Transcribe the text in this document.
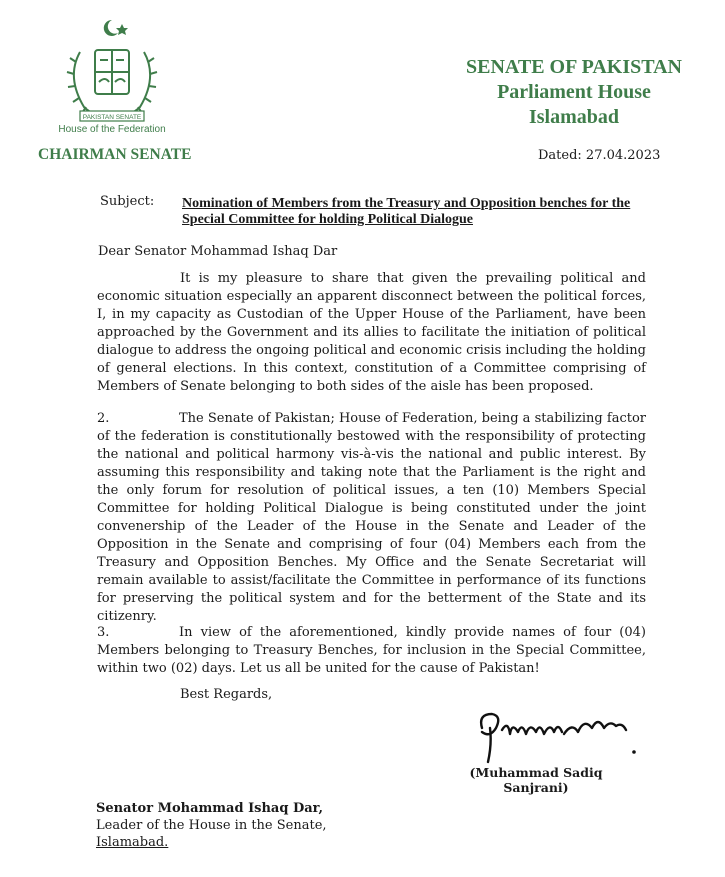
PAKISTAN SENATE
House of the Federation
CHAIRMAN SENATE
SENATE OF PAKISTAN
Parliament House
Islamabad
Dated: 27.04.2023
Subject: Nomination of Members from the Treasury and Opposition benches for the Special Committee for holding Political Dialogue
Dear Senator Mohammad Ishaq Dar

It is my pleasure to share that given the prevailing political and economic situation especially an apparent disconnect between the political forces, I, in my capacity as Custodian of the Upper House of the Parliament, have been approached by the Government and its allies to facilitate the initiation of political dialogue to address the ongoing political and economic crisis including the holding of general elections. In this context, constitution of a Committee comprising of Members of Senate belonging to both sides of the aisle has been proposed.

2.	The Senate of Pakistan; House of Federation, being a stabilizing factor of the federation is constitutionally bestowed with the responsibility of protecting the national and political harmony vis-à-vis the national and public interest. By assuming this responsibility and taking note that the Parliament is the right and the only forum for resolution of political issues, a ten (10) Members Special Committee for holding Political Dialogue is being constituted under the joint convenership of the Leader of the House in the Senate and Leader of the Opposition in the Senate and comprising of four (04) Members each from the Treasury and Opposition Benches. My Office and the Senate Secretariat will remain available to assist/facilitate the Committee in performance of its functions for preserving the political system and for the betterment of the State and its citizenry.

3.	In view of the aforementioned, kindly provide names of four (04) Members belonging to Treasury Benches, for inclusion in the Special Committee, within two (02) days. Let us all be united for the cause of Pakistan!

Best Regards,
(Muhammad Sadiq Sanjrani)
Senator Mohammad Ishaq Dar,
Leader of the House in the Senate,
Islamabad.
